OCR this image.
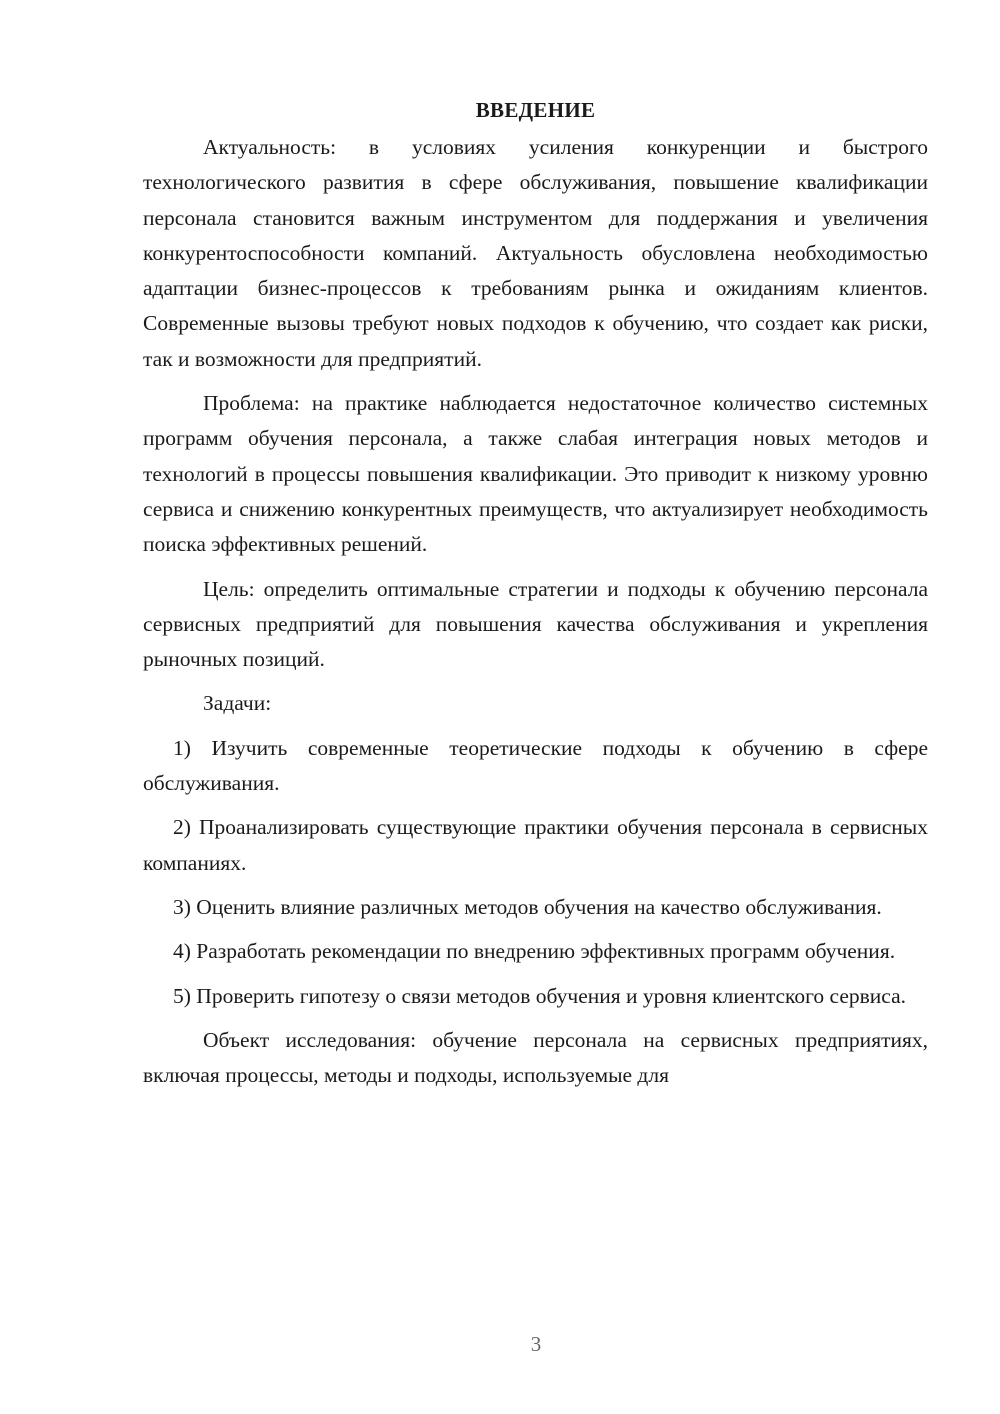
ВВЕДЕНИЕ

Актуальность: в условиях усиления конкуренции и быстрого технологического развития в сфере обслуживания, повышение квалификации персонала становится важным инструментом для поддержания и увеличения конкурентоспособности компаний. Актуальность обусловлена необходимостью адаптации бизнес-процессов к требованиям рынка и ожиданиям клиентов. Современные вызовы требуют новых подходов к обучению, что создает как риски, так и возможности для предприятий.

Проблема: на практике наблюдается недостаточное количество системных программ обучения персонала, а также слабая интеграция новых методов и технологий в процессы повышения квалификации. Это приводит к низкому уровню сервиса и снижению конкурентных преимуществ, что актуализирует необходимость поиска эффективных решений.

Цель: определить оптимальные стратегии и подходы к обучению персонала сервисных предприятий для повышения качества обслуживания и укрепления рыночных позиций.

Задачи:

1) Изучить современные теоретические подходы к обучению в сфере обслуживания.

2) Проанализировать существующие практики обучения персонала в сервисных компаниях.

3) Оценить влияние различных методов обучения на качество обслуживания.

4) Разработать рекомендации по внедрению эффективных программ обучения.

5) Проверить гипотезу о связи методов обучения и уровня клиентского сервиса.

Объект исследования: обучение персонала на сервисных предприятиях, включая процессы, методы и подходы, используемые для

3
